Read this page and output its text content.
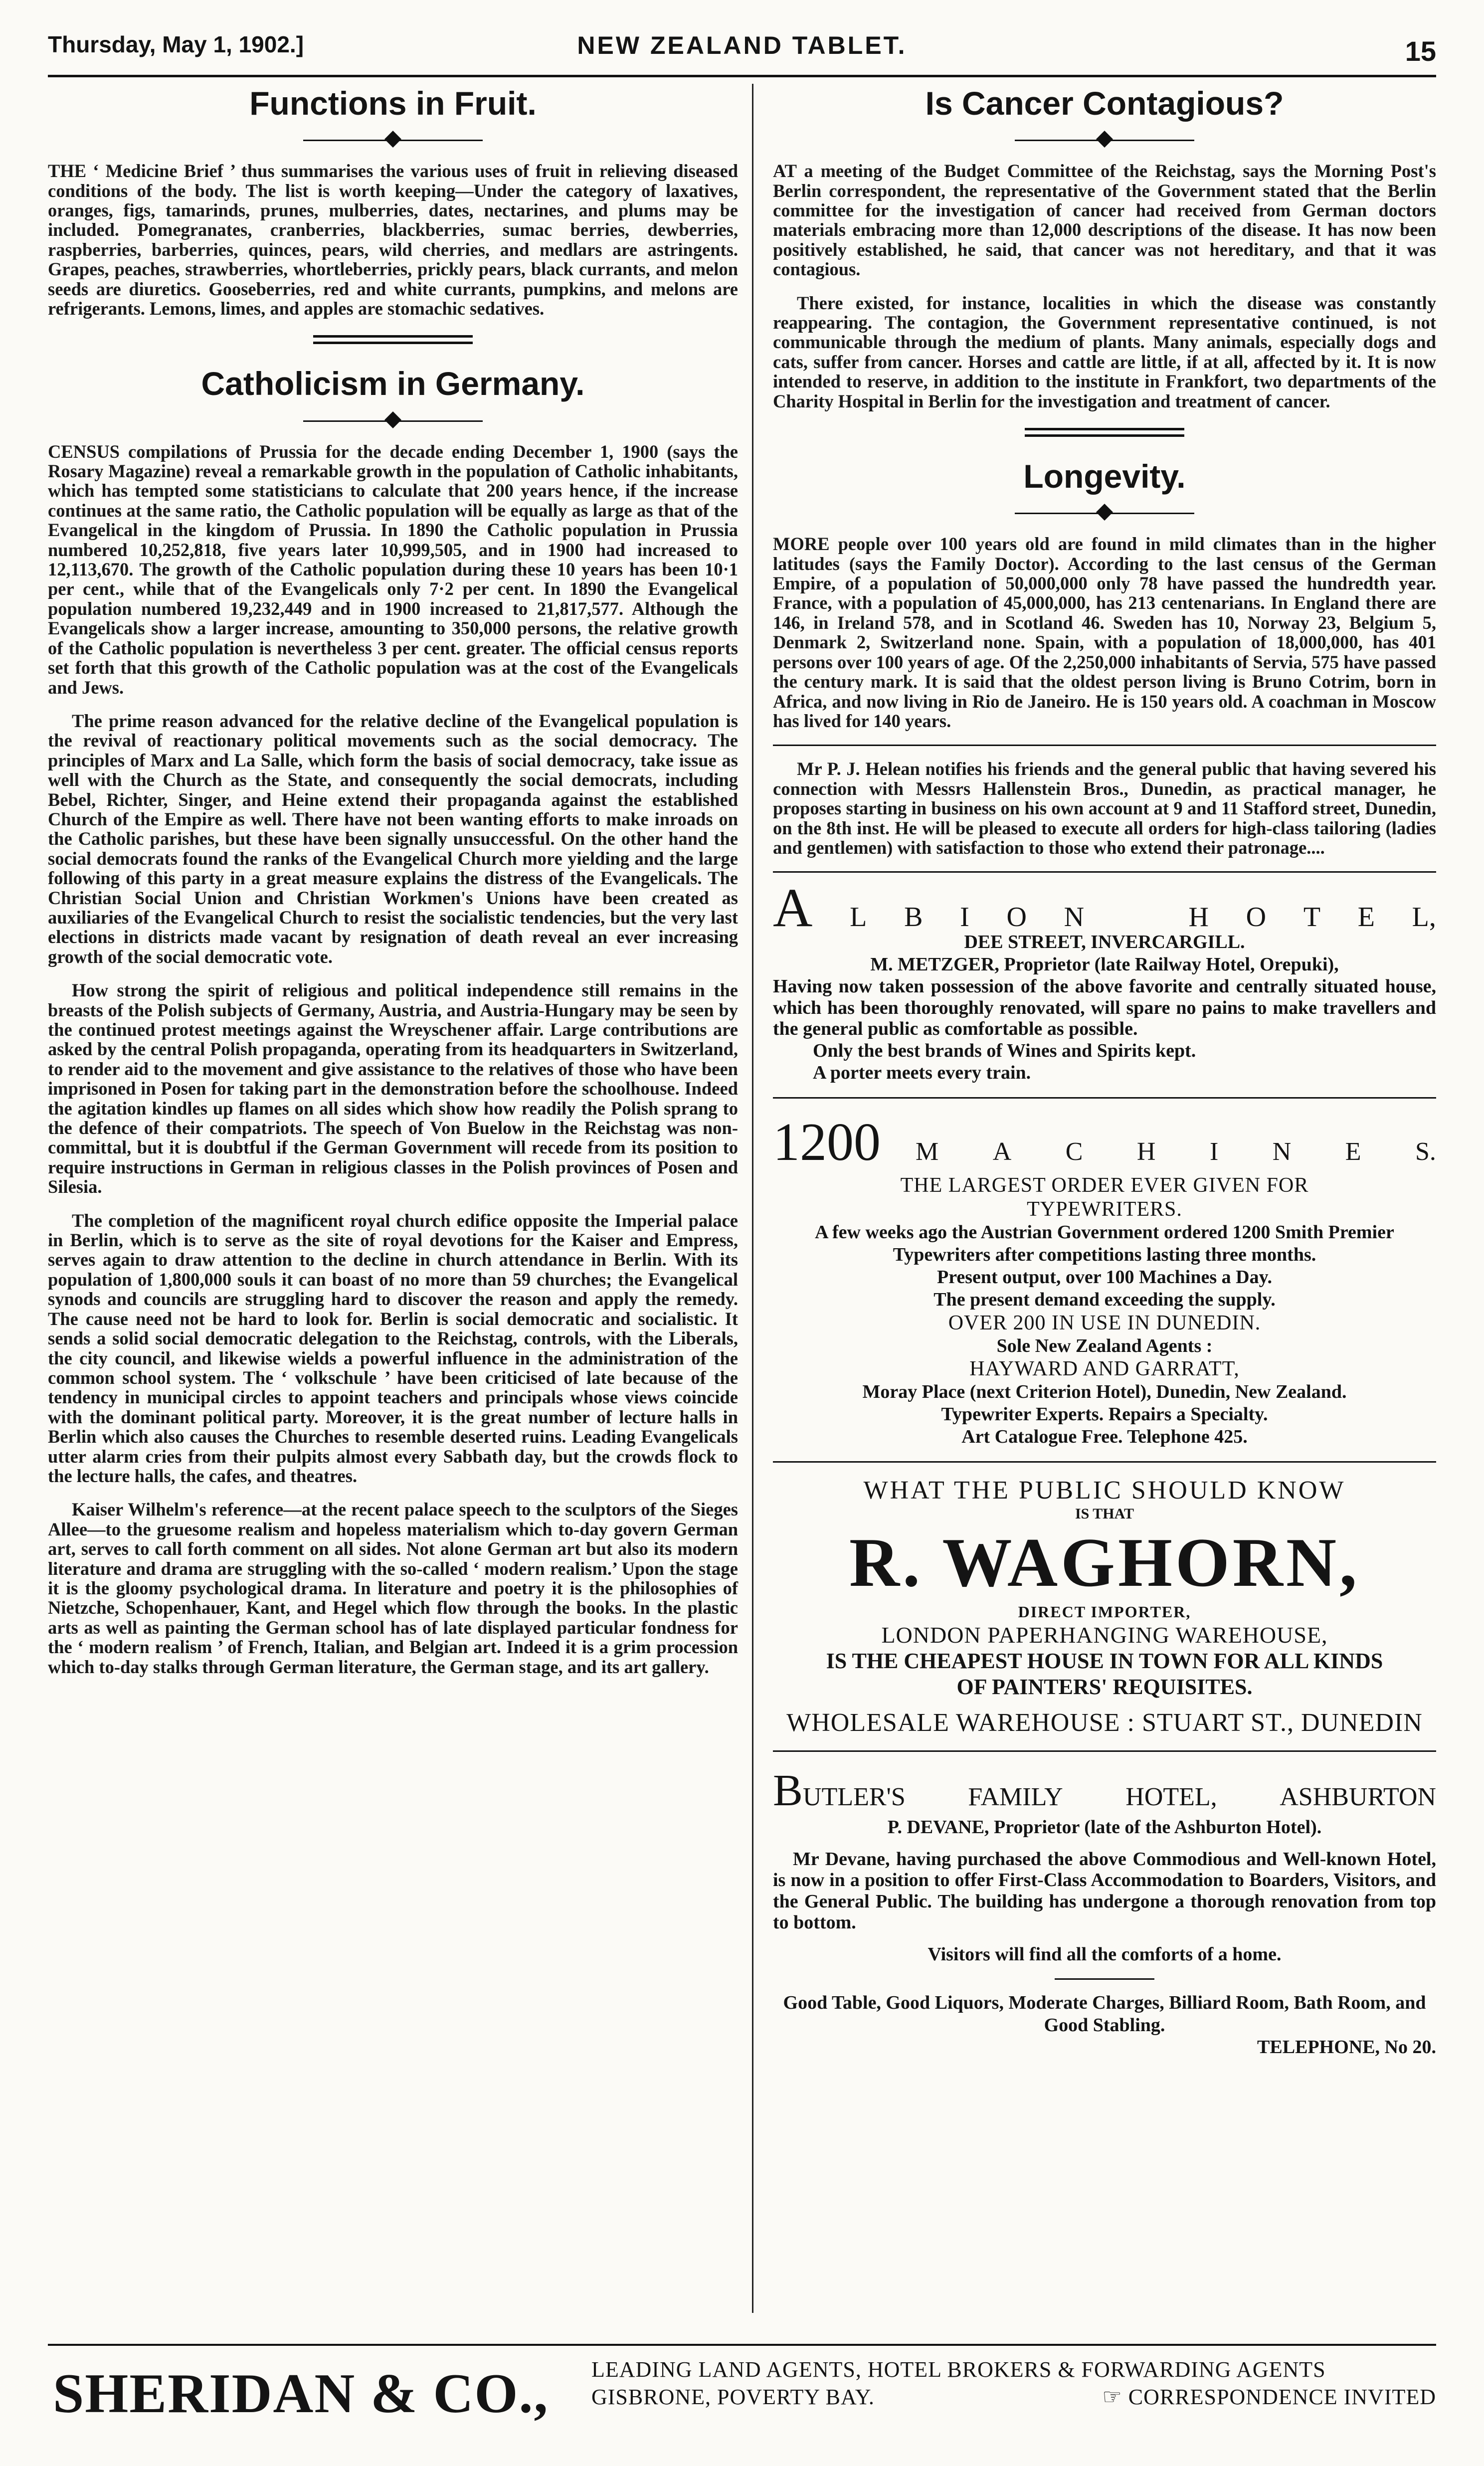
Thursday, May 1, 1902.]	NEW ZEALAND TABLET.	15
Functions in Fruit.

THE ‘ Medicine Brief ’ thus summarises the various uses of fruit in relieving diseased conditions of the body. The list is worth keeping—Under the category of laxatives, oranges, figs, tamarinds, prunes, mulberries, dates, nectarines, and plums may be included. Pomegranates, cranberries, blackberries, sumac berries, dewberries, raspberries, barberries, quinces, pears, wild cherries, and medlars are astringents. Grapes, peaches, strawberries, whortleberries, prickly pears, black currants, and melon seeds are diuretics. Gooseberries, red and white currants, pumpkins, and melons are refrigerants. Lemons, limes, and apples are stomachic sedatives.

Catholicism in Germany.

CENSUS compilations of Prussia for the decade ending December 1, 1900 (says the Rosary Magazine) reveal a remarkable growth in the population of Catholic inhabitants, which has tempted some statisticians to calculate that 200 years hence, if the increase continues at the same ratio, the Catholic population will be equally as large as that of the Evangelical in the kingdom of Prussia. In 1890 the Catholic population in Prussia numbered 10,252,818, five years later 10,999,505, and in 1900 had increased to 12,113,670. The growth of the Catholic population during these 10 years has been 10·1 per cent., while that of the Evangelicals only 7·2 per cent. In 1890 the Evangelical population numbered 19,232,449 and in 1900 increased to 21,817,577. Although the Evangelicals show a larger increase, amounting to 350,000 persons, the relative growth of the Catholic population is nevertheless 3 per cent. greater. The official census reports set forth that this growth of the Catholic population was at the cost of the Evangelicals and Jews.

The prime reason advanced for the relative decline of the Evangelical population is the revival of reactionary political movements such as the social democracy. The principles of Marx and La Salle, which form the basis of social democracy, take issue as well with the Church as the State, and consequently the social democrats, including Bebel, Richter, Singer, and Heine extend their propaganda against the established Church of the Empire as well. There have not been wanting efforts to make inroads on the Catholic parishes, but these have been signally unsuccessful. On the other hand the social democrats found the ranks of the Evangelical Church more yielding and the large following of this party in a great measure explains the distress of the Evangelicals. The Christian Social Union and Christian Workmen's Unions have been created as auxiliaries of the Evangelical Church to resist the socialistic tendencies, but the very last elections in districts made vacant by resignation of death reveal an ever increasing growth of the social democratic vote.

How strong the spirit of religious and political independence still remains in the breasts of the Polish subjects of Germany, Austria, and Austria-Hungary may be seen by the continued protest meetings against the Wreyschener affair. Large contributions are asked by the central Polish propaganda, operating from its headquarters in Switzerland, to render aid to the movement and give assistance to the relatives of those who have been imprisoned in Posen for taking part in the demonstration before the schoolhouse. Indeed the agitation kindles up flames on all sides which show how readily the Polish sprang to the defence of their compatriots. The speech of Von Buelow in the Reichstag was non-committal, but it is doubtful if the German Government will recede from its position to require instructions in German in religious classes in the Polish provinces of Posen and Silesia.

The completion of the magnificent royal church edifice opposite the Imperial palace in Berlin, which is to serve as the site of royal devotions for the Kaiser and Empress, serves again to draw attention to the decline in church attendance in Berlin. With its population of 1,800,000 souls it can boast of no more than 59 churches; the Evangelical synods and councils are struggling hard to discover the reason and apply the remedy. The cause need not be hard to look for. Berlin is social democratic and socialistic. It sends a solid social democratic delegation to the Reichstag, controls, with the Liberals, the city council, and likewise wields a powerful influence in the administration of the common school system. The ‘ volkschule ’ have been criticised of late because of the tendency in municipal circles to appoint teachers and principals whose views coincide with the dominant political party. Moreover, it is the great number of lecture halls in Berlin which also causes the Churches to resemble deserted ruins. Leading Evangelicals utter alarm cries from their pulpits almost every Sabbath day, but the crowds flock to the lecture halls, the cafes, and theatres.

Kaiser Wilhelm's reference—at the recent palace speech to the sculptors of the Sieges Allee—to the gruesome realism and hopeless materialism which to-day govern German art, serves to call forth comment on all sides. Not alone German art but also its modern literature and drama are struggling with the so-called ‘ modern realism.’ Upon the stage it is the gloomy psychological drama. In literature and poetry it is the philosophies of Nietzche, Schopenhauer, Kant, and Hegel which flow through the books. In the plastic arts as well as painting the German school has of late displayed particular fondness for the ‘ modern realism ’ of French, Italian, and Belgian art. Indeed it is a grim procession which to-day stalks through German literature, the German stage, and its art gallery.

Is Cancer Contagious?

AT a meeting of the Budget Committee of the Reichstag, says the Morning Post's Berlin correspondent, the representative of the Government stated that the Berlin committee for the investigation of cancer had received from German doctors materials embracing more than 12,000 descriptions of the disease. It has now been positively established, he said, that cancer was not hereditary, and that it was contagious.

There existed, for instance, localities in which the disease was constantly reappearing. The contagion, the Government representative continued, is not communicable through the medium of plants. Many animals, especially dogs and cats, suffer from cancer. Horses and cattle are little, if at all, affected by it. It is now intended to reserve, in addition to the institute in Frankfort, two departments of the Charity Hospital in Berlin for the investigation and treatment of cancer.

Longevity.

MORE people over 100 years old are found in mild climates than in the higher latitudes (says the Family Doctor). According to the last census of the German Empire, of a population of 50,000,000 only 78 have passed the hundredth year. France, with a population of 45,000,000, has 213 centenarians. In England there are 146, in Ireland 578, and in Scotland 46. Sweden has 10, Norway 23, Belgium 5, Denmark 2, Switzerland none. Spain, with a population of 18,000,000, has 401 persons over 100 years of age. Of the 2,250,000 inhabitants of Servia, 575 have passed the century mark. It is said that the oldest person living is Bruno Cotrim, born in Africa, and now living in Rio de Janeiro. He is 150 years old. A coachman in Moscow has lived for 140 years.

Mr P. J. Helean notifies his friends and the general public that having severed his connection with Messrs Hallenstein Bros., Dunedin, as practical manager, he proposes starting in business on his own account at 9 and 11 Stafford street, Dunedin, on the 8th inst. He will be pleased to execute all orders for high-class tailoring (ladies and gentlemen) with satisfaction to those who extend their patronage....

A L B I O N	H O T E L,
DEE STREET, INVERCARGILL.
M. METZGER, Proprietor (late Railway Hotel, Orepuki),

Having now taken possession of the above favorite and centrally situated house, which has been thoroughly renovated, will spare no pains to make travellers and the general public as comfortable as possible.

Only the best brands of Wines and Spirits kept.
A porter meets every train.
1200 M A C H I N E S.
THE LARGEST ORDER EVER GIVEN FOR
TYPEWRITERS.
A few weeks ago the Austrian Government ordered 1200 Smith Premier Typewriters after competitions lasting three months.
Present output, over 100 Machines a Day.
The present demand exceeding the supply.
OVER 200 IN USE IN DUNEDIN.
Sole New Zealand Agents :
HAYWARD AND GARRATT,
Moray Place (next Criterion Hotel), Dunedin, New Zealand.
Typewriter Experts. Repairs a Specialty.
Art Catalogue Free. Telephone 425.
WHAT THE PUBLIC SHOULD KNOW
IS THAT
R. WAGHORN,
DIRECT IMPORTER,
LONDON PAPERHANGING WAREHOUSE,
IS THE CHEAPEST HOUSE IN TOWN FOR ALL KINDS
OF PAINTERS' REQUISITES.
WHOLESALE WAREHOUSE : STUART ST., DUNEDIN
BUTLER'S FAMILY HOTEL, ASHBURTON
P. DEVANE, Proprietor (late of the Ashburton Hotel).

Mr Devane, having purchased the above Commodious and Well-known Hotel, is now in a position to offer First-Class Accommodation to Boarders, Visitors, and the General Public. The building has undergone a thorough renovation from top to bottom.

Visitors will find all the comforts of a home.
Good Table, Good Liquors, Moderate Charges, Billiard Room, Bath Room, and Good Stabling.
TELEPHONE, No 20.
SHERIDAN & CO., LEADING LAND AGENTS, HOTEL BROKERS & FORWARDING AGENTS
GISBRONE, POVERTY BAY.	☞ CORRESPONDENCE INVITED
